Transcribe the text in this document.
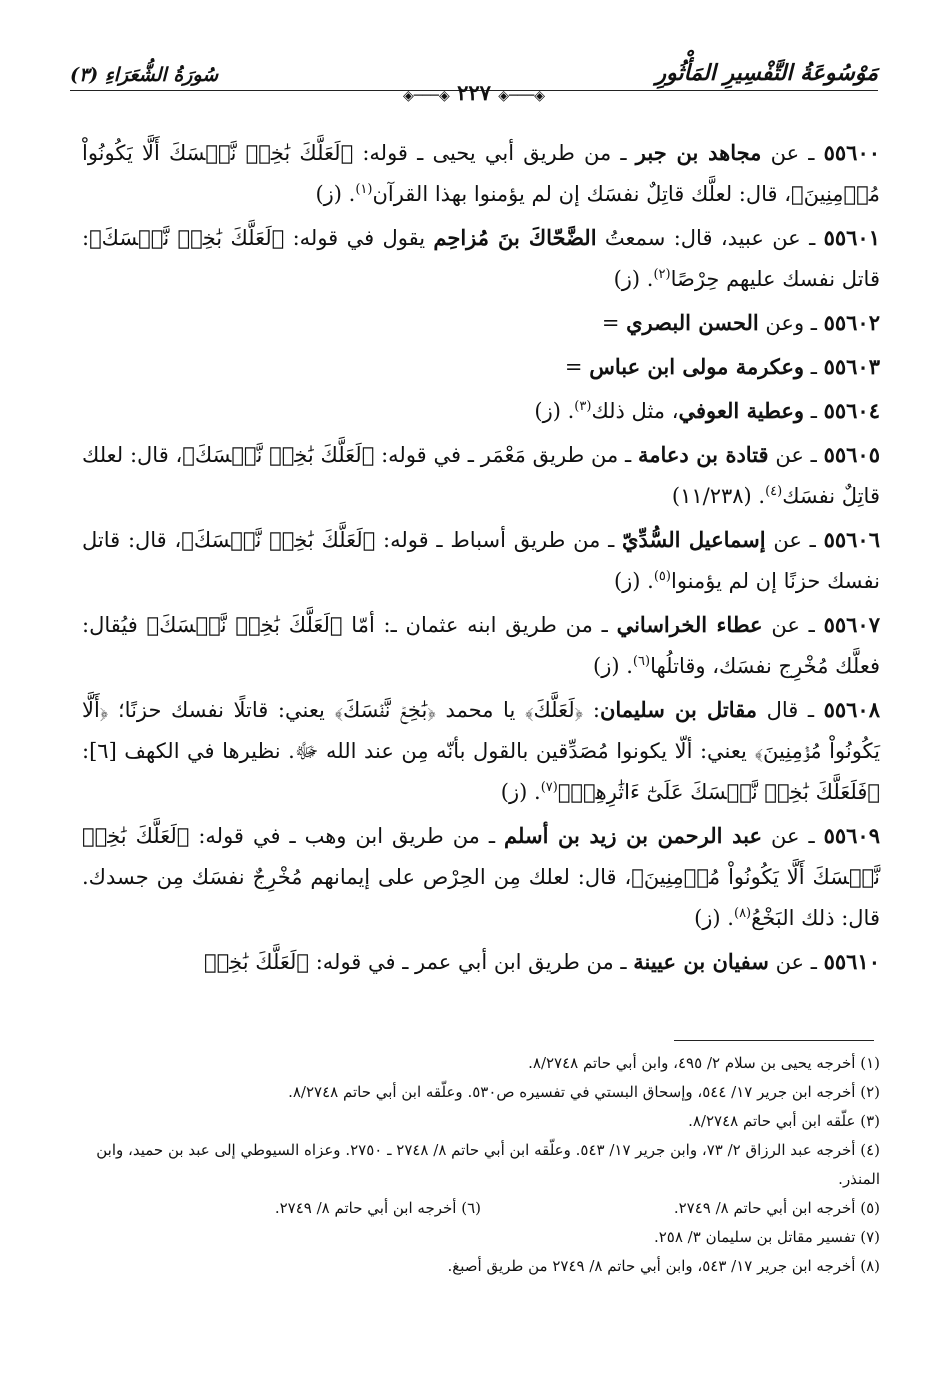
مَوْسُوعَةُ التَّفْسِيرِ المَأْثُورِ
سُورَةُ الشُّعَرَاءِ (٣)
◈───◈ ٢٢٧ ◈───◈
٥٥٦٠٠ ـ عن مجاهد بن جبر ـ من طريق أبي يحيى ـ قوله: ﴿لَعَلَّكَ بَٰخِعٞ نَّفۡسَكَ أَلَّا يَكُونُواْ مُؤۡمِنِينَ﴾، قال: لعلَّك قاتِلٌ نفسَك إن لم يؤمنوا بهذا القرآن$^{(١)}$. (ز)
٥٥٦٠١ ـ عن عبيد، قال: سمعتُ الضَّحّاكَ بنَ مُزاحِم يقول في قوله: ﴿لَعَلَّكَ بَٰخِعٞ نَّفۡسَكَ﴾: قاتل نفسك عليهم حِرْصًا$^{(٢)}$. (ز)
٥٥٦٠٢ ـ وعن الحسن البصري =
٥٥٦٠٣ ـ وعكرمة مولى ابن عباس =
٥٥٦٠٤ ـ وعطية العوفي، مثل ذلك$^{(٣)}$. (ز)
٥٥٦٠٥ ـ عن قتادة بن دعامة ـ من طريق مَعْمَر ـ في قوله: ﴿لَعَلَّكَ بَٰخِعٞ نَّفۡسَكَ﴾، قال: لعلك قاتِلٌ نفسَك$^{(٤)}$. (١١/٢٣٨)
٥٥٦٠٦ ـ عن إسماعيل السُّدِّيّ ـ من طريق أسباط ـ قوله: ﴿لَعَلَّكَ بَٰخِعٞ نَّفۡسَكَ﴾، قال: قاتل نفسك حزنًا إن لم يؤمنوا$^{(٥)}$. (ز)
٥٥٦٠٧ ـ عن عطاء الخراساني ـ من طريق ابنه عثمان ـ: أمّا ﴿لَعَلَّكَ بَٰخِعٞ نَّفۡسَكَ﴾ فيُقال: فعلَّك مُخْرِج نفسَك، وقاتلُها$^{(٦)}$. (ز)
٥٥٦٠٨ ـ قال مقاتل بن سليمان: ﴿لَعَلَّكَ﴾ يا محمد ﴿بَٰخِعٞ نَّفۡسَكَ﴾ يعني: قاتلًا نفسك حزنًا؛ ﴿أَلَّا يَكُونُواْ مُؤۡمِنِينَ﴾ يعني: ألّا يكونوا مُصَدِّقين بالقول بأنّه مِن عند الله ﷻ. نظيرها في الكهف [٦]: ﴿فَلَعَلَّكَ بَٰخِعٞ نَّفۡسَكَ عَلَىٰٓ ءَاثَٰرِهِمۡ﴾$^{(٧)}$. (ز)
٥٥٦٠٩ ـ عن عبد الرحمن بن زيد بن أسلم ـ من طريق ابن وهب ـ في قوله: ﴿لَعَلَّكَ بَٰخِعٞ نَّفۡسَكَ أَلَّا يَكُونُواْ مُؤۡمِنِينَ﴾، قال: لعلك مِن الحِرْص على إيمانهم مُخْرِجٌ نفسَك مِن جسدك. قال: ذلك البَخْعُ$^{(٨)}$. (ز)
٥٥٦١٠ ـ عن سفيان بن عيينة ـ من طريق ابن أبي عمر ـ في قوله: ﴿لَعَلَّكَ بَٰخِعٞ
(١) أخرجه يحيى بن سلام ٢/ ٤٩٥، وابن أبي حاتم ٨/٢٧٤٨.
(٢) أخرجه ابن جرير ١٧/ ٥٤٤، وإسحاق البستي في تفسيره ص٥٣٠. وعلّقه ابن أبي حاتم ٨/٢٧٤٨.
(٣) علّقه ابن أبي حاتم ٨/٢٧٤٨.
(٤) أخرجه عبد الرزاق ٢/ ٧٣، وابن جرير ١٧/ ٥٤٣. وعلّقه ابن أبي حاتم ٨/ ٢٧٤٨ ـ ٢٧٥٠. وعزاه السيوطي إلى عبد بن حميد، وابن المنذر.
(٥) أخرجه ابن أبي حاتم ٨/ ٢٧٤٩.
(٦) أخرجه ابن أبي حاتم ٨/ ٢٧٤٩.
(٧) تفسير مقاتل بن سليمان ٣/ ٢٥٨.
(٨) أخرجه ابن جرير ١٧/ ٥٤٣، وابن أبي حاتم ٨/ ٢٧٤٩ من طريق أصبغ.
